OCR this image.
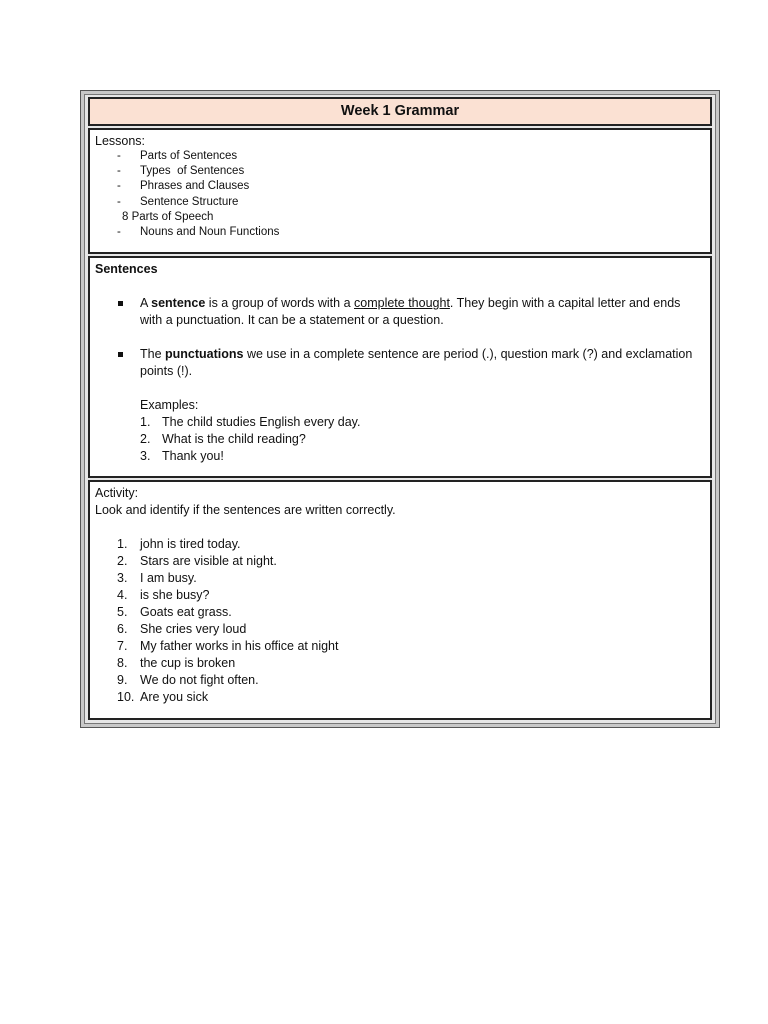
Week 1 Grammar
Lessons:
- Parts of Sentences
- Types  of Sentences
- Phrases and Clauses
- Sentence Structure
8 Parts of Speech
- Nouns and Noun Functions
Sentences
A sentence is a group of words with a complete thought. They begin with a capital letter and ends with a punctuation. It can be a statement or a question.
The punctuations we use in a complete sentence are period (.), question mark (?) and exclamation points (!).
Examples:
1. The child studies English every day.
2. What is the child reading?
3. Thank you!
Activity:
Look and identify if the sentences are written correctly.
1.	john is tired today.
2.	Stars are visible at night.
3.	I am busy.
4.	is she busy?
5.	Goats eat grass.
6.	She cries very loud
7.	My father works in his office at night
8.	the cup is broken
9.	We do not fight often.
10. Are you sick
